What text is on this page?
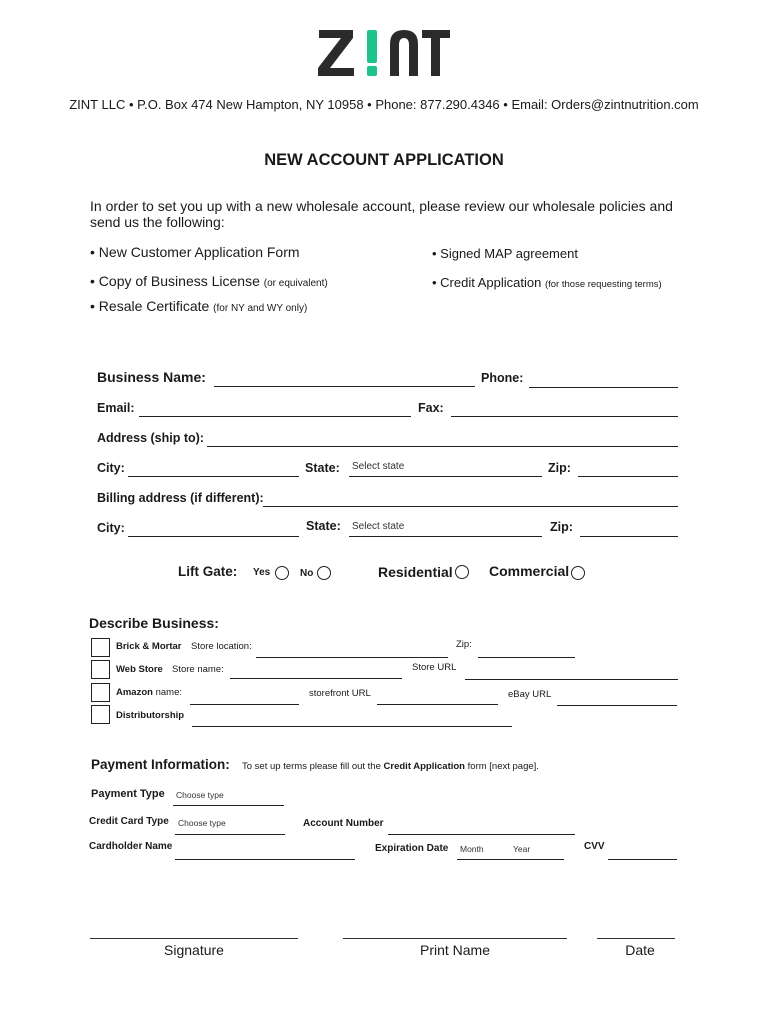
ZINT LLC • P.O. Box 474 New Hampton, NY 10958 • Phone: 877.290.4346 • Email: Orders@zintnutrition.com
NEW ACCOUNT APPLICATION
In order to set you up with a new wholesale account, please review our wholesale policies and send us the following:
• New Customer Application Form
• Copy of Business License (or equivalent)
• Resale Certificate (for NY and WY only)
• Signed MAP agreement
• Credit Application (for those requesting terms)
Business Name:	Phone:
Email:	Fax:
Address (ship to):
City:	State: Select state	Zip:
Billing address (if different):
City:	State: Select state	Zip:
Lift Gate: Yes	No	Residential	Commercial
Describe Business:
Brick & Mortar Store location:	Zip:
Web Store Store name:	Store URL
Amazon name:	storefront URL	eBay URL
Distributorship
Payment Information: To set up terms please fill out the Credit Application form [next page].
Payment Type Choose type
Credit Card Type Choose type	Account Number
Cardholder Name	Expiration Date Month	Year	CVV
Signature	Print Name	Date
